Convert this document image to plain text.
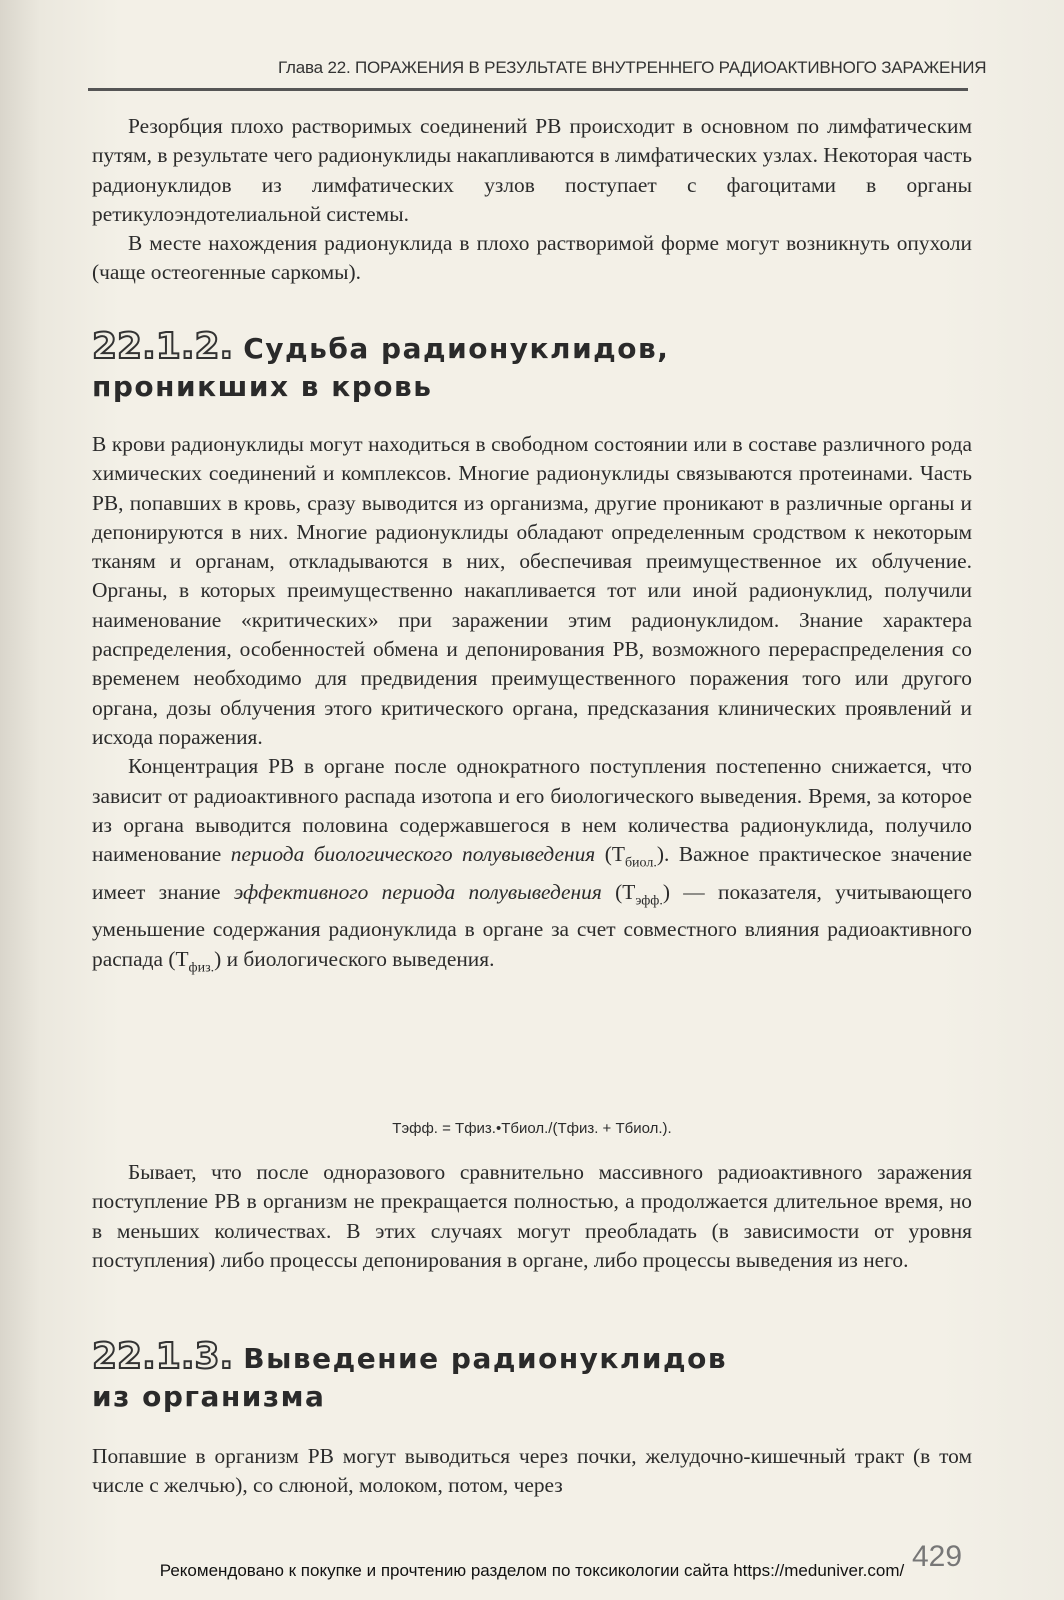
Глава 22. ПОРАЖЕНИЯ В РЕЗУЛЬТАТЕ ВНУТРЕННЕГО РАДИОАКТИВНОГО ЗАРАЖЕНИЯ

Резорбция плохо растворимых соединений РВ происходит в основном по лимфатическим путям, в результате чего радионуклиды накапливаются в лимфатических узлах. Некоторая часть радионуклидов из лимфатических узлов поступает с фагоцитами в органы ретикулоэндотелиальной системы.

В месте нахождения радионуклида в плохо растворимой форме могут возникнуть опухоли (чаще остеогенные саркомы).

22.1.2. Судьба радионуклидов,
проникших в кровь

В крови радионуклиды могут находиться в свободном состоянии или в составе различного рода химических соединений и комплексов. Многие радионуклиды связываются протеинами. Часть РВ, попавших в кровь, сразу выводится из организма, другие проникают в различные органы и депонируются в них. Многие радионуклиды обладают определенным сродством к некоторым тканям и органам, откладываются в них, обеспечивая преимущественное их облучение. Органы, в которых преимущественно накапливается тот или иной радионуклид, получили наименование «критических» при заражении этим радионуклидом. Знание характера распределения, особенностей обмена и депонирования РВ, возможного перераспределения со временем необходимо для предвидения преимущественного поражения того или другого органа, дозы облучения этого критического органа, предсказания клинических проявлений и исхода поражения.

Концентрация РВ в органе после однократного поступления постепенно снижается, что зависит от радиоактивного распада изотопа и его биологического выведения. Время, за которое из органа выводится половина содержавшегося в нем количества радионуклида, получило наименование периода биологического полувыведения $(Т_{биол.})$. Важное практическое значение имеет знание эффективного периода полувыведения $(Т_{эфф.})$ — показателя, учитывающего уменьшение содержания радионуклида в органе за счет совместного влияния радиоактивного распада $(Т_{физ.})$ и биологического выведения.

Тэфф. = Тфиз.•Тбиол./(Тфиз. + Тбиол.).

Бывает, что после одноразового сравнительно массивного радиоактивного заражения поступление РВ в организм не прекращается полностью, а продолжается длительное время, но в меньших количествах. В этих случаях могут преобладать (в зависимости от уровня поступления) либо процессы депонирования в органе, либо процессы выведения из него.

22.1.3. Выведение радионуклидов
из организма

Попавшие в организм РВ могут выводиться через почки, желудочно-кишечный тракт (в том числе с желчью), со слюной, молоком, потом, через

429
Рекомендовано к покупке и прочтению разделом по токсикологии сайта https://meduniver.com/
